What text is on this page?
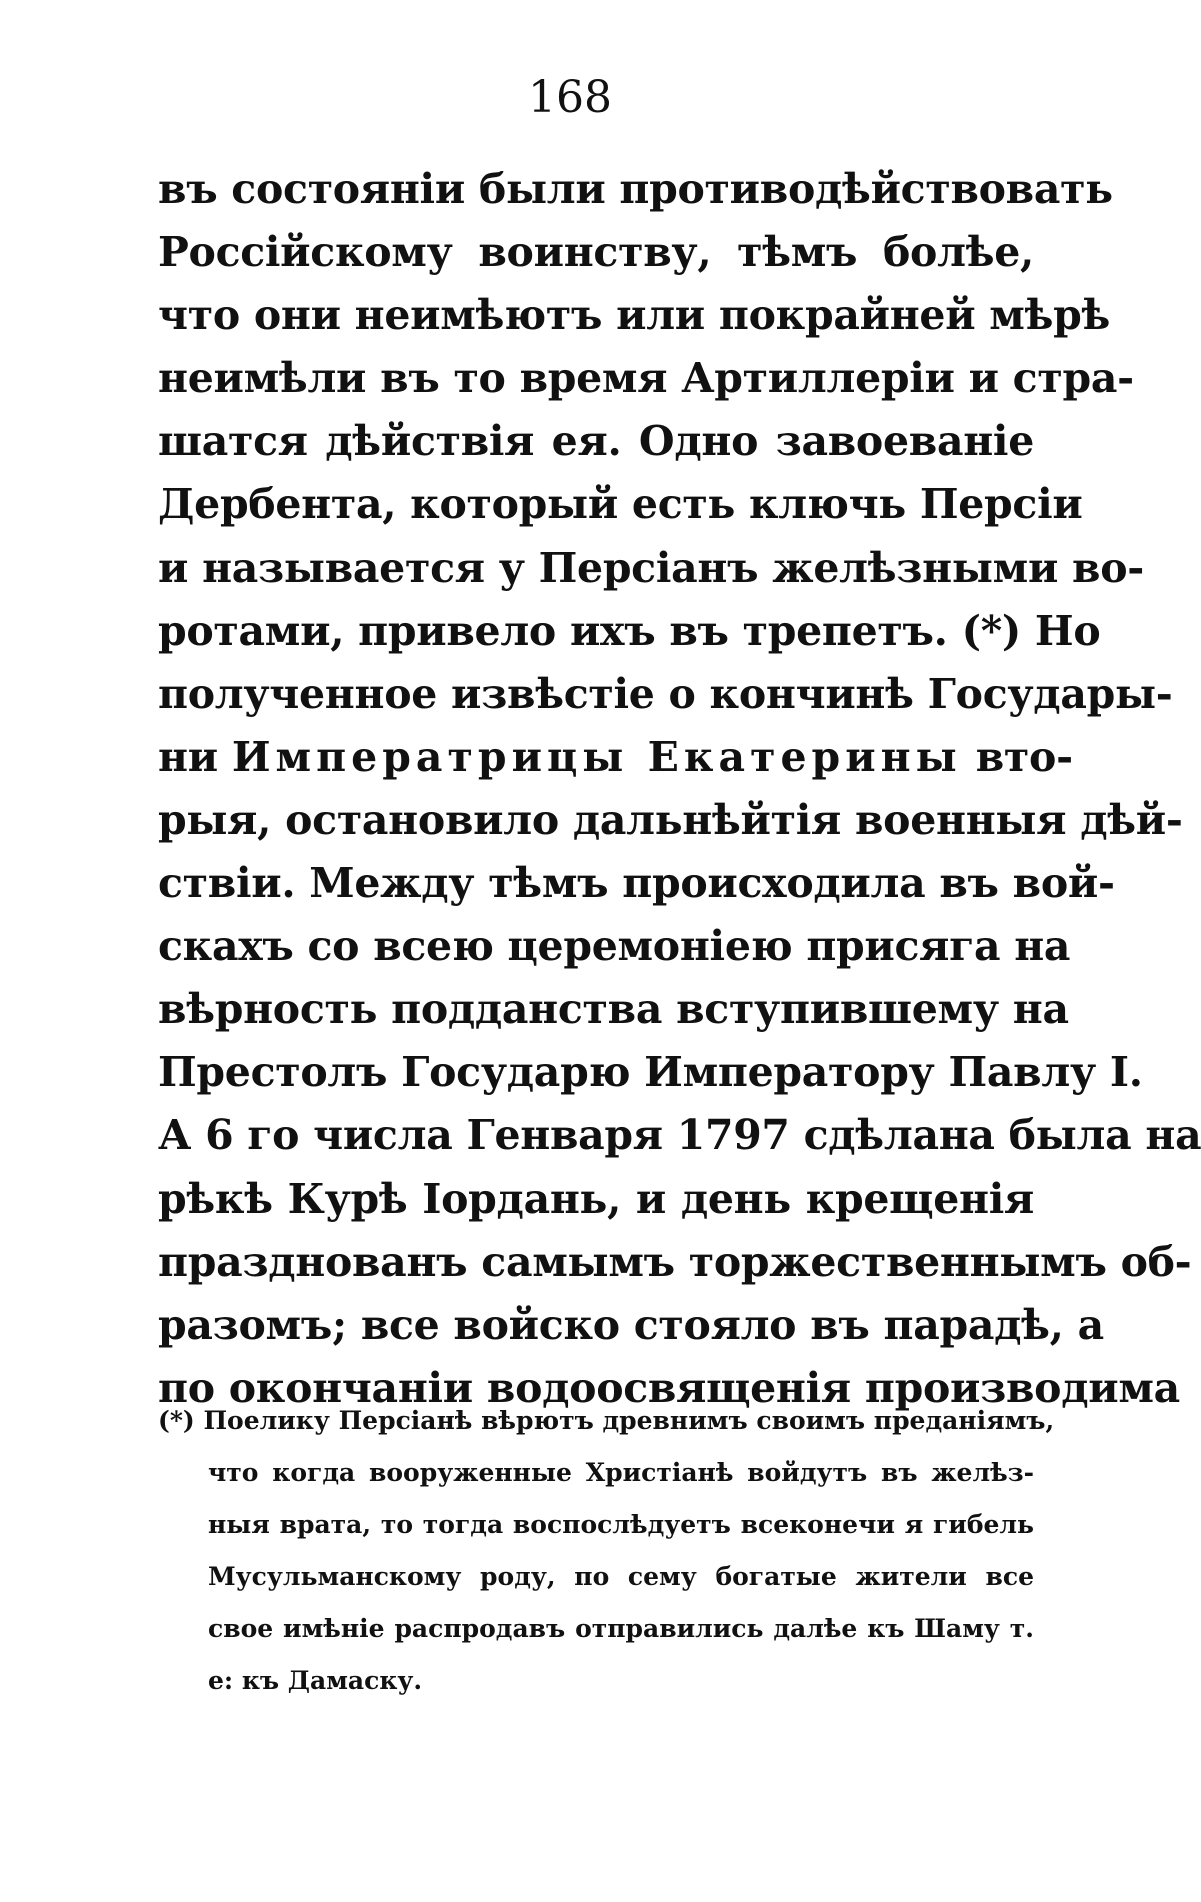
168
въ состояніи были противодѣйствовать
Россійскому воинству, тѣмъ болѣе,
что они неимѣютъ или покрайней мѣрѣ
неимѣли въ то время Артиллеріи и стра-
шатся дѣйствія ея. Одно завоеваніе
Дербента, который есть ключь Персіи
и называется у Персіанъ желѣзными во-
ротами, привело ихъ въ трепетъ. (*) Но
полученное извѣстіе о кончинѣ Государы-
ни Императрицы Екатерины вто-
рыя, остановило дальнѣйтія военныя дѣй-
ствіи. Между тѣмъ происходила въ вой-
скахъ со всею церемоніею присяга на
вѣрность подданства вступившему на
Престолъ Государю Императору Павлу I.
А 6 го числа Генваря 1797 сдѣлана была на
рѣкѣ Курѣ Іордань, и день крещенія
празднованъ самымъ торжественнымъ об-
разомъ; все войско стояло въ парадѣ, а
по окончаніи водоосвященія производима
(*) Поелику Персіанѣ вѣрютъ древнимъ своимъ преданіямъ,
что когда вооруженные Христіанѣ войдутъ въ желѣз-
ныя врата, то тогда воспослѣдуетъ всеконечи я гибель
Мусульманскому роду, по сему богатые жители все
свое имѣніе распродавъ отправились далѣе къ Шаму т.
е: къ Дамаску.
